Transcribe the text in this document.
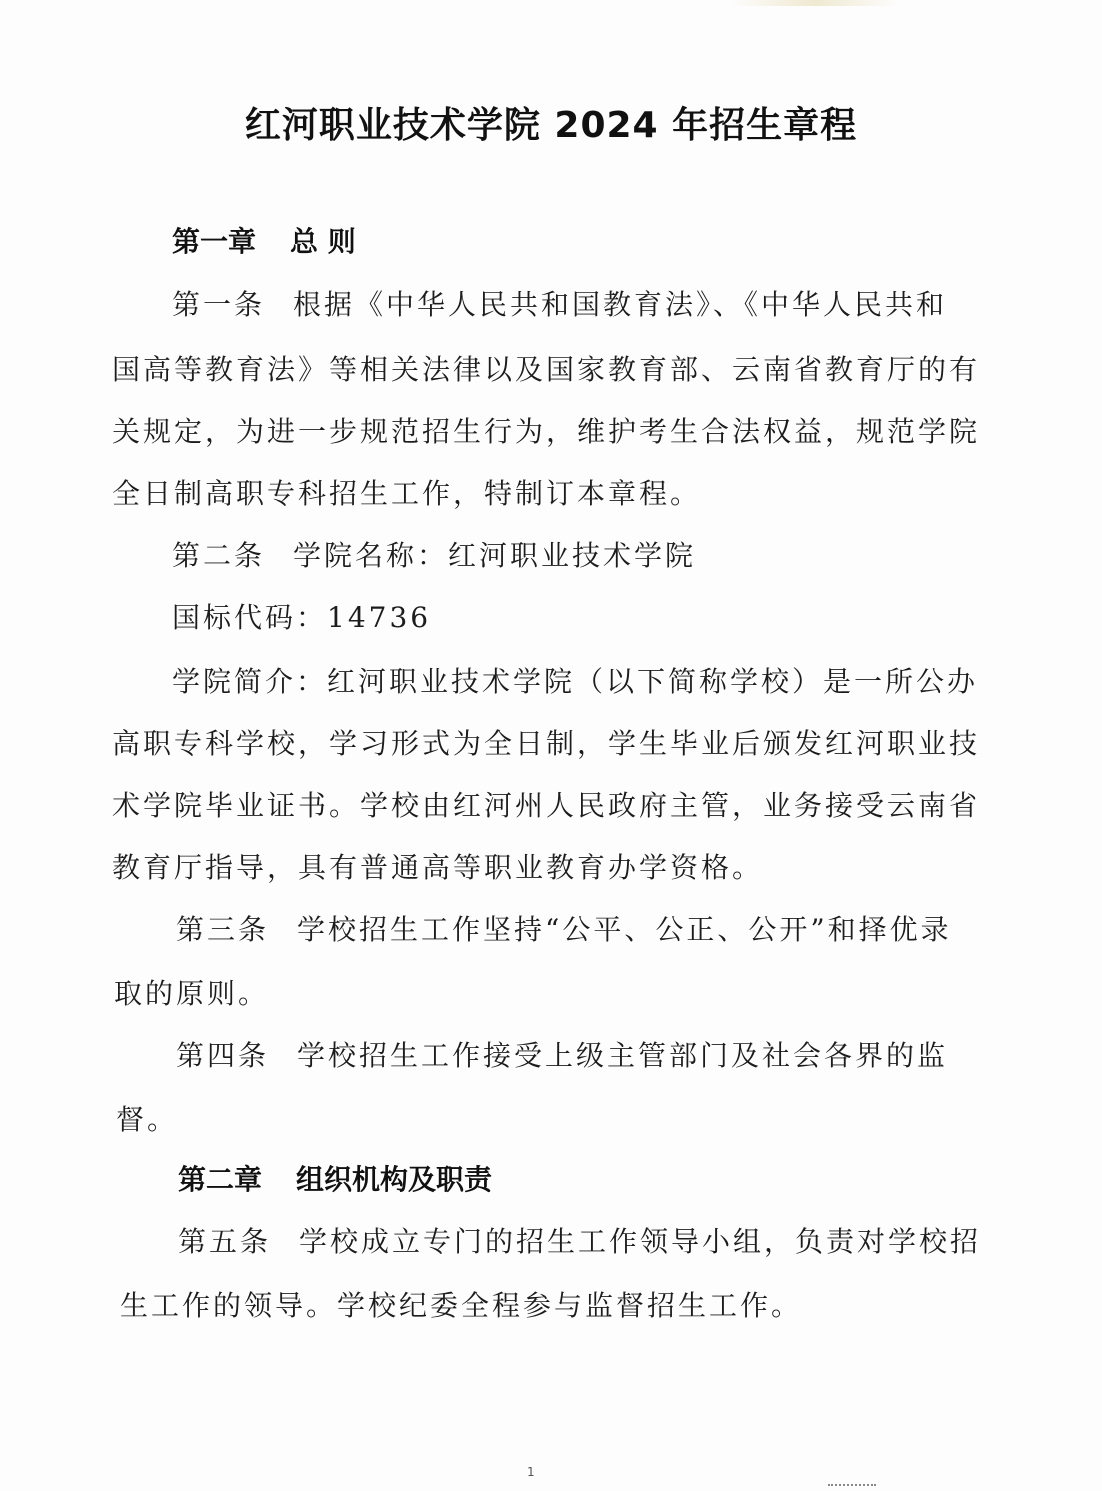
红河职业技术学院 2024 年招生章程
第一章 总 则
第一条 根据《中华人民共和国教育法》、《中华人民共和
国高等教育法》等相关法律以及国家教育部、云南省教育厅的有
关规定，为进一步规范招生行为，维护考生合法权益，规范学院
全日制高职专科招生工作，特制订本章程。
第二条 学院名称：红河职业技术学院
国标代码：14736
学院简介：红河职业技术学院（以下简称学校）是一所公办
高职专科学校，学习形式为全日制，学生毕业后颁发红河职业技
术学院毕业证书。学校由红河州人民政府主管，业务接受云南省
教育厅指导，具有普通高等职业教育办学资格。
第三条 学校招生工作坚持“公平、公正、公开”和择优录
取的原则。
第四条 学校招生工作接受上级主管部门及社会各界的监
督。
第二章 组织机构及职责
第五条 学校成立专门的招生工作领导小组，负责对学校招
生工作的领导。学校纪委全程参与监督招生工作。
1
